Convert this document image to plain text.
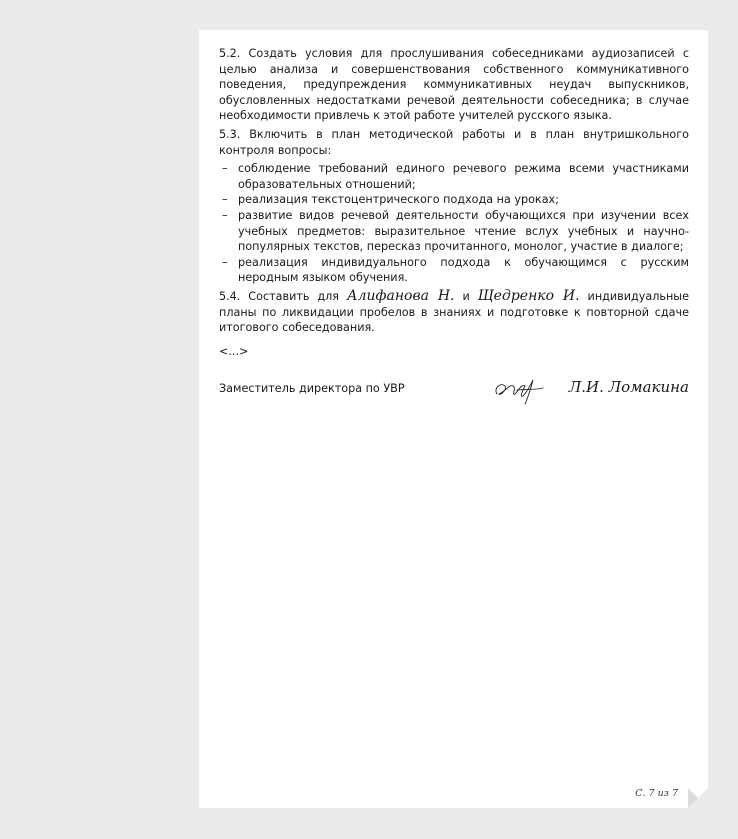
5.2. Создать условия для прослушивания собеседниками аудиозаписей с целью анализа и совершенствования собственного коммуникативного поведения, предупреждения коммуникативных неудач выпускников, обусловленных недостатками речевой деятельности собеседника; в случае необходимости привлечь к этой работе учителей русского языка.

5.3. Включить в план методической работы и в план внутришкольного контроля вопросы:

– соблюдение требований единого речевого режима всеми участниками образовательных отношений;
– реализация текстоцентрического подхода на уроках;
– развитие видов речевой деятельности обучающихся при изучении всех учебных предметов: выразительное чтение вслух учебных и научно-популярных текстов, пересказ прочитанного, монолог, участие в диалоге;
– реализация индивидуального подхода к обучающимся с русским неродным языком обучения.

5.4. Составить для Алифанова Н. и Щедренко И. индивидуальные планы по ликвидации пробелов в знаниях и подготовке к повторной сдаче итогового собеседования.

<...>

Заместитель директора по УВР	Л.И. Ломакина
С. 7 из 7
